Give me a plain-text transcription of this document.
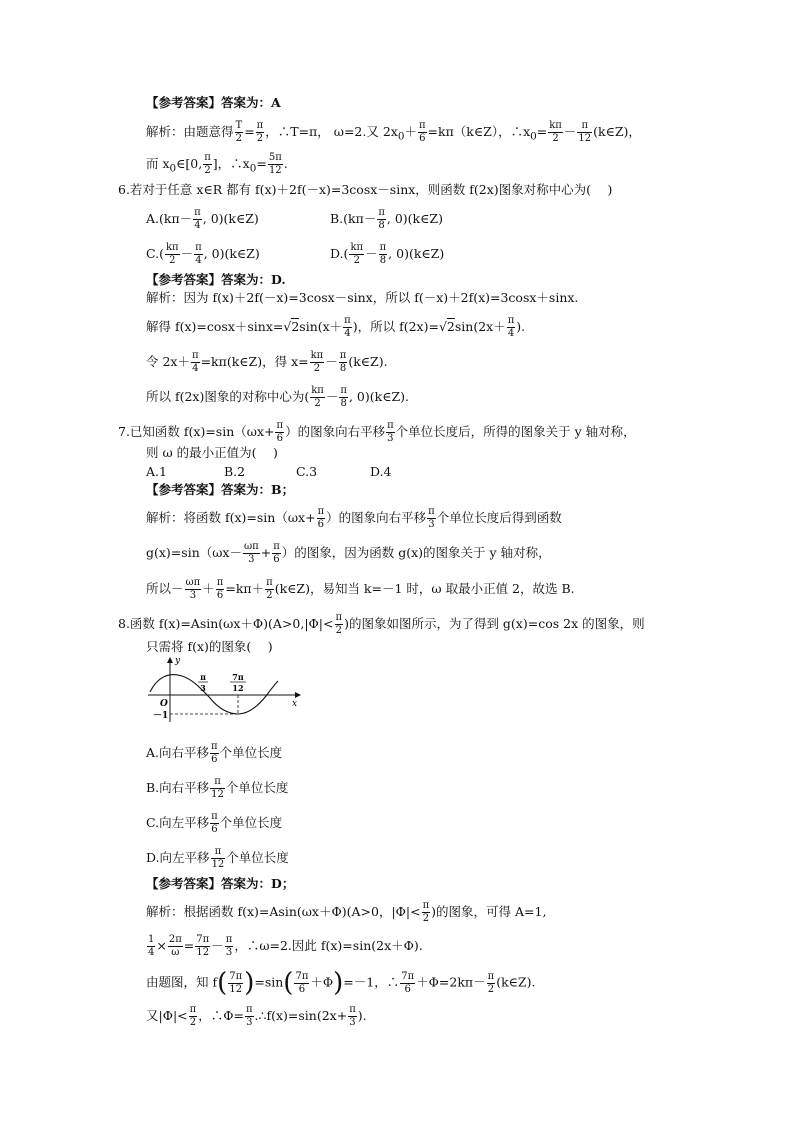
【参考答案】答案为：A
解析：由题意得 $\frac{T}{2} = \frac{\pi}{2}$ ，∴T=π， ω=2.又 $2x_0+ \frac{\pi}{6}$ =kπ（k∈Z），$\therefore x_0= \frac{k\pi}{2} - \frac{\pi}{12}$ (k∈Z)，
而 $x_0\in[0$, $\frac{\pi}{2}$ ]，$\therefore x_0= \frac{5\pi}{12}$ .
6.若对于任意 x∈R 都有 f(x)＋2f(－x)=3cosx－sinx，则函数 f(2x)图象对称中心为(　 )
$A.(k\pi- \frac{\pi}{4}$ , 0)(k∈Z)	$B.(k\pi- \frac{\pi}{8}$ , 0)(k∈Z)
$C.( \frac{k\pi}{2} - \frac{\pi}{4}$ , 0)(k∈Z)	$D.( \frac{k\pi}{2} - \frac{\pi}{8}$ , 0)(k∈Z)
【参考答案】答案为：D.
解析：因为 f(x)＋2f(－x)=3cosx－sinx，所以 f(－x)＋2f(x)=3cosx＋sinx.
解得 $f(x)=\cos x+\sin x=√2\sin(x+ \frac{\pi}{4}$ )，所以 $f(2x)=√2\sin(2x+ \frac{\pi}{4}$ ).
令 $2x+ \frac{\pi}{4}$ =kπ(k∈Z)，得 $x= \frac{k\pi}{2} - \frac{\pi}{8}$ (k∈Z).
所以 f(2x)图象的对称中心为( $\frac{k\pi}{2} - \frac{\pi}{8}$ , 0)(k∈Z).
7.已知函数 $f(x)=\sin(\omega x+ \frac{\pi}{6}$ ）的图象向右平移 $\frac{\pi}{3}$ 个单位长度后，所得的图象关于 y 轴对称，
则 ω 的最小正值为(　 )
A.1	B.2	C.3	D.4
【参考答案】答案为：B；
解析：将函数 $f(x)=\sin(\omega x+ \frac{\pi}{6}$ ）的图象向右平移 $\frac{\pi}{3}$ 个单位长度后得到函数
$g(x)=\sin(\omega x- \frac{\omega\pi}{3} + \frac{\pi}{6}$ ）的图象，因为函数 g(x)的图象关于 y 轴对称，
所以－ $\frac{\omega\pi}{3} + \frac{\pi}{6} =k\pi+ \frac{\pi}{2}$ (k∈Z)，易知当 k=－1 时，ω 取最小正值 2，故选 B.
8.函数 $f(x)=Asin(\omega x+\Phi)(A>0,|\Phi|< \frac{\pi}{2}$ )的图象如图所示，为了得到 g(x)=cos 2x 的图象，则
只需将 f(x)的图象(　 )
y
x
O
－1
π
3
7π
12
A.向右平移 $\frac{\pi}{6}$ 个单位长度
B.向右平移 $\frac{\pi}{12}$ 个单位长度
C.向左平移 $\frac{\pi}{6}$ 个单位长度
D.向左平移 $\frac{\pi}{12}$ 个单位长度
【参考答案】答案为：D；
解析：根据函数 f(x)=Asin(ωx＋Φ)(A>0，$|\Phi|< \frac{\pi}{2}$ )的图象，可得 A=1,
$\frac{1}{4} \times \frac{2\pi}{\omega} = \frac{7\pi}{12} - \frac{\pi}{3}$ ，∴ω=2.因此 f(x)=sin(2x＋Φ).
由题图，知 $f( \frac{7\pi}{12} )=\sin( \frac{7\pi}{6} +\Phi)=-1$，∴ $\frac{7\pi}{6} +\Phi=2k\pi- \frac{\pi}{2}$ (k∈Z).
又$|\Phi|< \frac{\pi}{2}$ ，∴Φ= $\frac{\pi}{3}$ .∴f(x)=sin(2x+ $\frac{\pi}{3}$ ).
